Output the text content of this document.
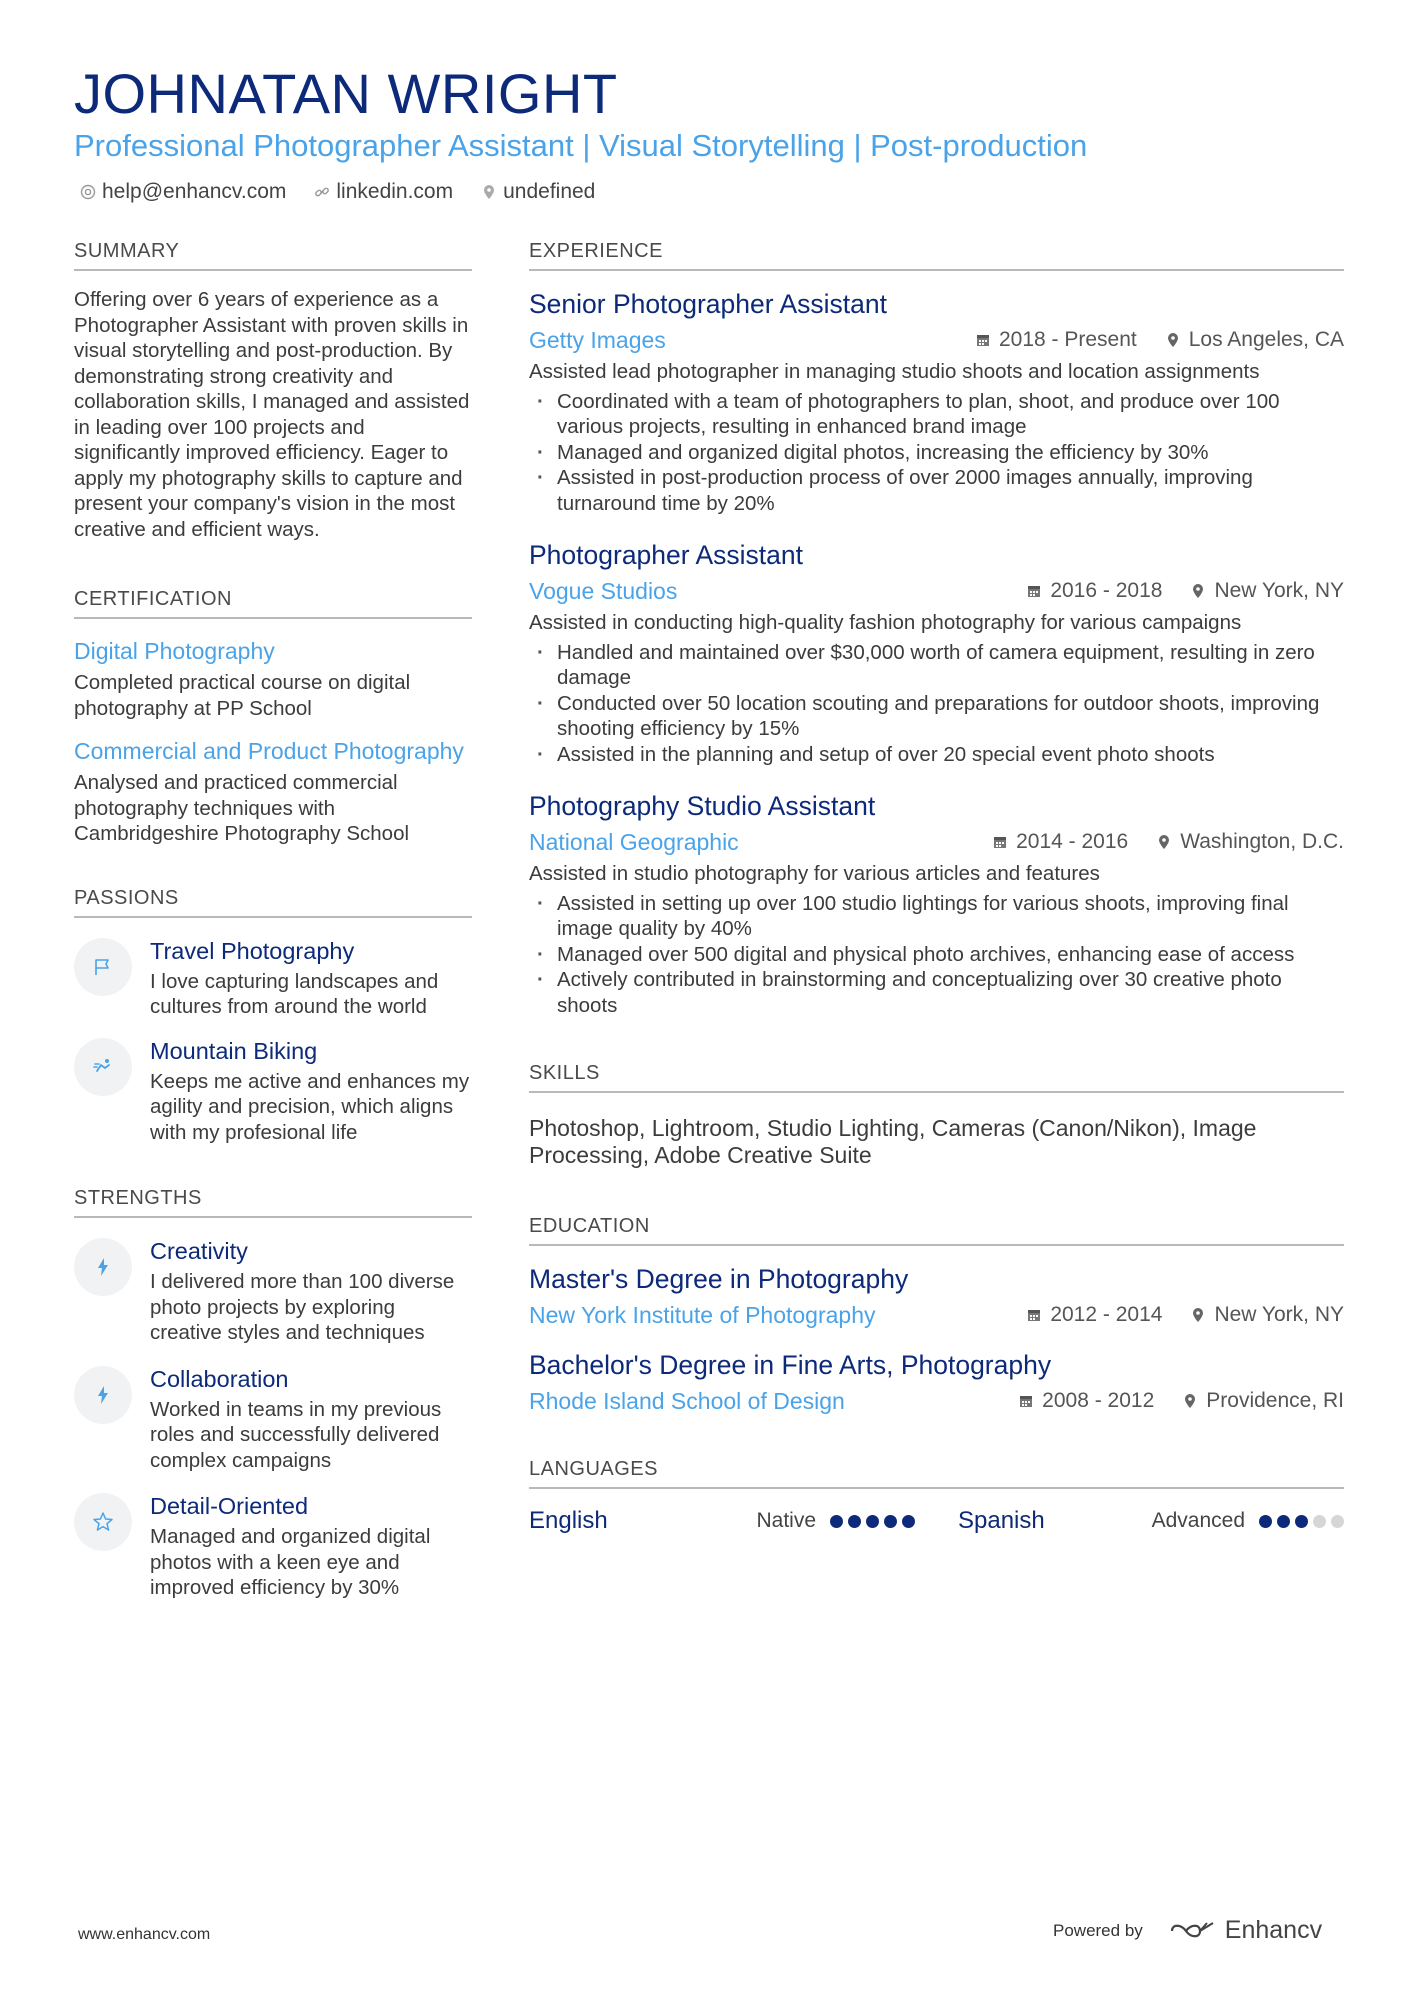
JOHNATAN WRIGHT
Professional Photographer Assistant | Visual Storytelling | Post-production
help@enhancv.com linkedin.com undefined
SUMMARY
Offering over 6 years of experience as a Photographer Assistant with proven skills in visual storytelling and post-production. By demonstrating strong creativity and collaboration skills, I managed and assisted in leading over 100 projects and significantly improved efficiency. Eager to apply my photography skills to capture and present your company's vision in the most creative and efficient ways.
CERTIFICATION
Digital Photography
Completed practical course on digital photography at PP School
Commercial and Product Photography
Analysed and practiced commercial photography techniques with Cambridgeshire Photography School
PASSIONS
Travel Photography
I love capturing landscapes and cultures from around the world
Mountain Biking
Keeps me active and enhances my agility and precision, which aligns with my profesional life
STRENGTHS
Creativity
I delivered more than 100 diverse photo projects by exploring creative styles and techniques
Collaboration
Worked in teams in my previous roles and successfully delivered complex campaigns
Detail-Oriented
Managed and organized digital photos with a keen eye and improved efficiency by 30%
EXPERIENCE
Senior Photographer Assistant
Getty Images	2018 - Present Los Angeles, CA
Assisted lead photographer in managing studio shoots and location assignments
· Coordinated with a team of photographers to plan, shoot, and produce over 100 various projects, resulting in enhanced brand image
· Managed and organized digital photos, increasing the efficiency by 30%
· Assisted in post-production process of over 2000 images annually, improving turnaround time by 20%
Photographer Assistant
Vogue Studios	2016 - 2018 New York, NY
Assisted in conducting high-quality fashion photography for various campaigns
· Handled and maintained over $30,000 worth of camera equipment, resulting in zero damage
· Conducted over 50 location scouting and preparations for outdoor shoots, improving shooting efficiency by 15%
· Assisted in the planning and setup of over 20 special event photo shoots
Photography Studio Assistant
National Geographic	2014 - 2016 Washington, D.C.
Assisted in studio photography for various articles and features
· Assisted in setting up over 100 studio lightings for various shoots, improving final image quality by 40%
· Managed over 500 digital and physical photo archives, enhancing ease of access
· Actively contributed in brainstorming and conceptualizing over 30 creative photo shoots
SKILLS
Photoshop, Lightroom, Studio Lighting, Cameras (Canon/Nikon), Image Processing, Adobe Creative Suite
EDUCATION
Master's Degree in Photography
New York Institute of Photography	2012 - 2014 New York, NY
Bachelor's Degree in Fine Arts, Photography
Rhode Island School of Design	2008 - 2012 Providence, RI
LANGUAGES
English	Native	Spanish	Advanced
www.enhancv.com	Powered by	Enhancv
